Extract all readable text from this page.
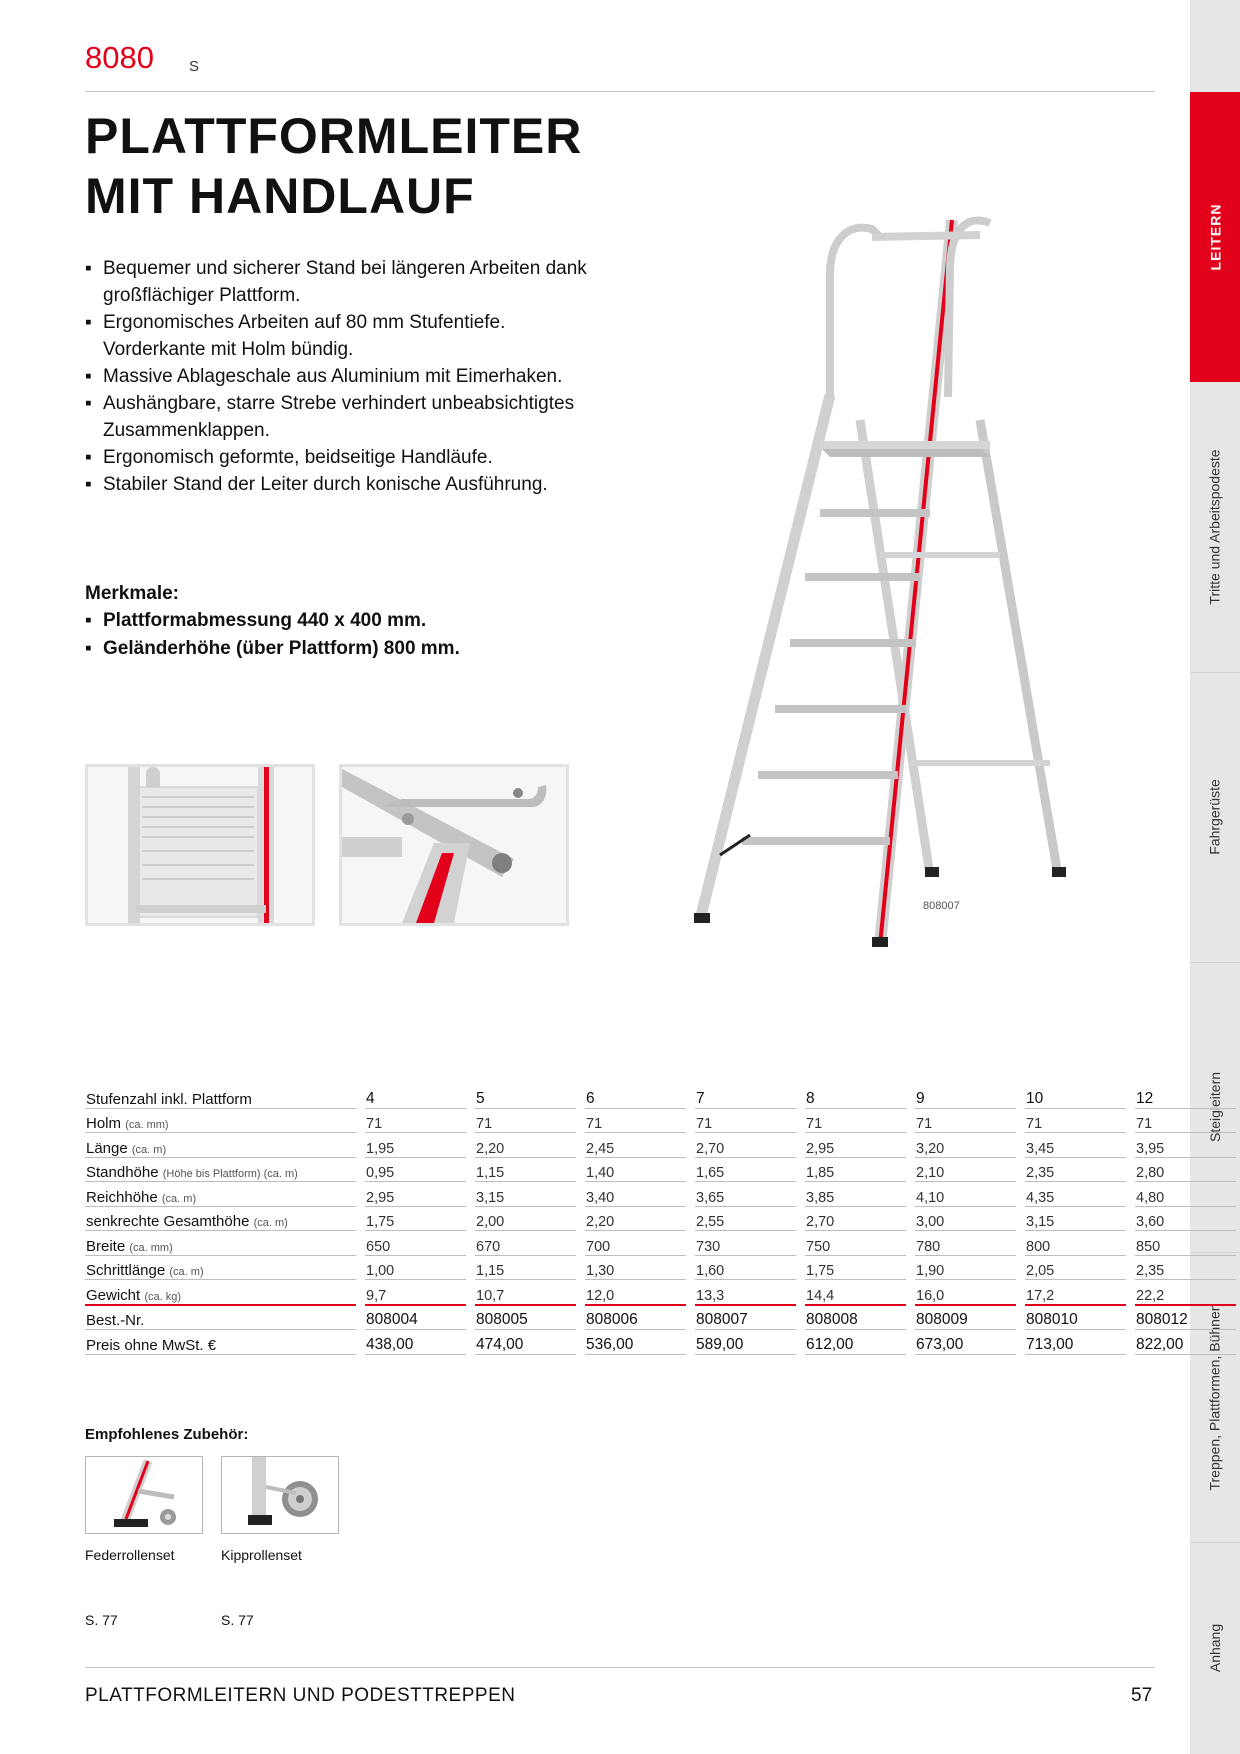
8080 S
PLATTFORMLEITER
MIT HANDLAUF
▪ Bequemer und sicherer Stand bei längeren Arbeiten dank großflächiger Plattform.
▪ Ergonomisches Arbeiten auf 80 mm Stufentiefe. Vorderkante mit Holm bündig.
▪ Massive Ablageschale aus Aluminium mit Eimerhaken.
▪ Aushängbare, starre Strebe verhindert unbeabsichtigtes Zusammenklappen.
▪ Ergonomisch geformte, beidseitige Handläufe.
▪ Stabiler Stand der Leiter durch konische Ausführung.
Merkmale:
▪ Plattformabmessung 440 x 400 mm.
▪ Geländerhöhe (über Plattform) 800 mm.
808007
LEITERN
Tritte und Arbeitspodeste
Fahrgerüste
Steigleitern
Treppen, Plattformen, Bühnen
Anhang
Stufenzahl inkl. Plattform		4		5		6		7		8		9		10		12
Holm (ca. mm)		71		71		71		71		71		71		71		71
Länge (ca. m)		1,95		2,20		2,45		2,70		2,95		3,20		3,45		3,95
Standhöhe (Höhe bis Plattform) (ca. m)		0,95		1,15		1,40		1,65		1,85		2,10		2,35		2,80
Reichhöhe (ca. m)		2,95		3,15		3,40		3,65		3,85		4,10		4,35		4,80
senkrechte Gesamthöhe (ca. m)		1,75		2,00		2,20		2,55		2,70		3,00		3,15		3,60
Breite (ca. mm)		650		670		700		730		750		780		800		850
Schrittlänge (ca. m)		1,00		1,15		1,30		1,60		1,75		1,90		2,05		2,35
Gewicht (ca. kg)		9,7		10,7		12,0		13,3		14,4		16,0		17,2		22,2
Best.-Nr.		808004		808005		808006		808007		808008		808009		808010		808012
Preis ohne MwSt. €		438,00		474,00		536,00		589,00		612,00		673,00		713,00		822,00
Empfohlenes Zubehör:
Federrollenset	Kipprollenset
S. 77	S. 77
PLATTFORMLEITERN UND PODESTTREPPEN	57
